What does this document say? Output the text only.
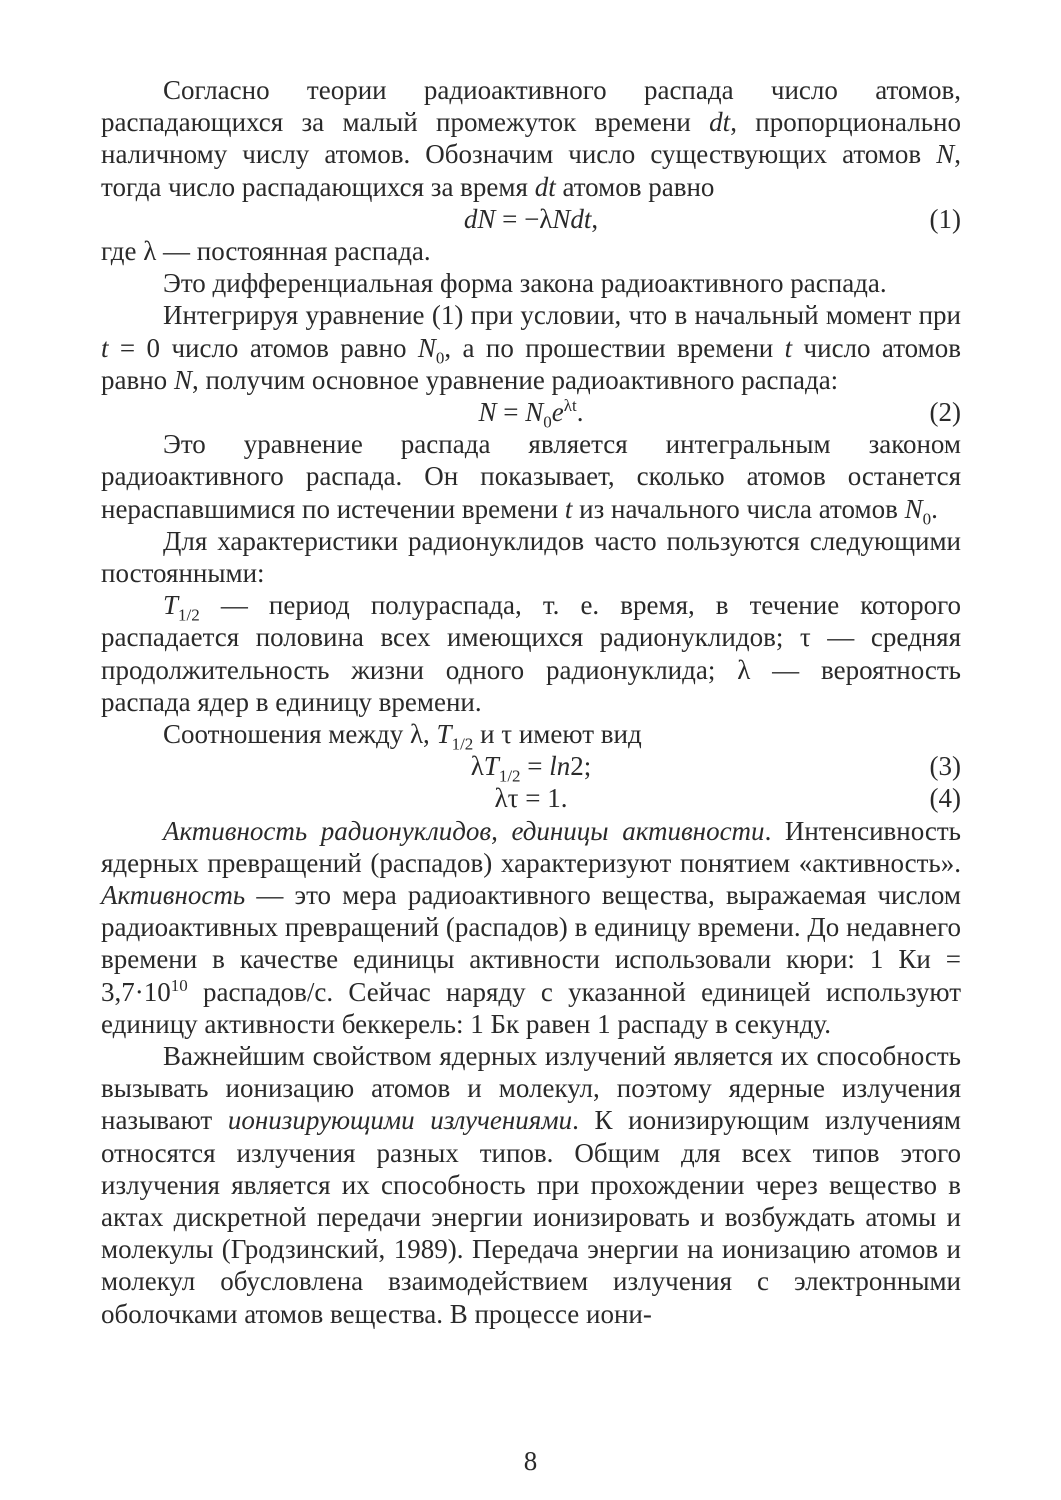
Согласно теории радиоактивного распада число атомов, распадающихся за малый промежуток времени dt, пропорционально наличному числу атомов. Обозначим число существующих атомов N, тогда число распадающихся за время dt атомов равно

dN = −λNdt,	(1)

где λ — постоянная распада.

Это дифференциальная форма закона радиоактивного распада.

Интегрируя уравнение (1) при условии, что в начальный момент при t = 0 число атомов равно $N_0$, а по прошествии времени t число атомов равно N, получим основное уравнение радиоактивного распада:

$N = N_0e^{\lambda t}$.	(2)

Это уравнение распада является интегральным законом радиоактивного распада. Он показывает, сколько атомов останется нераспавшимися по истечении времени t из начального числа атомов $N_0$.

Для характеристики радионуклидов часто пользуются следующими постоянными:

$T_{1/2}$ — период полураспада, т. е. время, в течение которого распадается половина всех имеющихся радионуклидов; τ — средняя продолжительность жизни одного радионуклида; λ — вероятность распада ядер в единицу времени.

Соотношения между λ, $T_{1/2}$ и τ имеют вид

$\lambda T_{1/2} = \ln 2$;	(3)
λτ = 1.	(4)

Активность радионуклидов, единицы активности. Интенсивность ядерных превращений (распадов) характеризуют понятием «активность». Активность — это мера радиоактивного вещества, выражаемая числом радиоактивных превращений (распадов) в единицу времени. До недавнего времени в качестве единицы активности использовали кюри: 1 Ки = $3,7\cdot 10^{10}$ распадов/с. Сейчас наряду с указанной единицей используют единицу активности беккерель: 1 Бк равен 1 распаду в секунду.

Важнейшим свойством ядерных излучений является их способность вызывать ионизацию атомов и молекул, поэтому ядерные излучения называют ионизирующими излучениями. К ионизирующим излучениям относятся излучения разных типов. Общим для всех типов этого излучения является их способность при прохождении через вещество в актах дискретной передачи энергии ионизировать и возбуждать атомы и молекулы (Гродзинский, 1989). Передача энергии на ионизацию атомов и молекул обусловлена взаимодействием излучения с электронными оболочками атомов вещества. В процессе иони-

8
